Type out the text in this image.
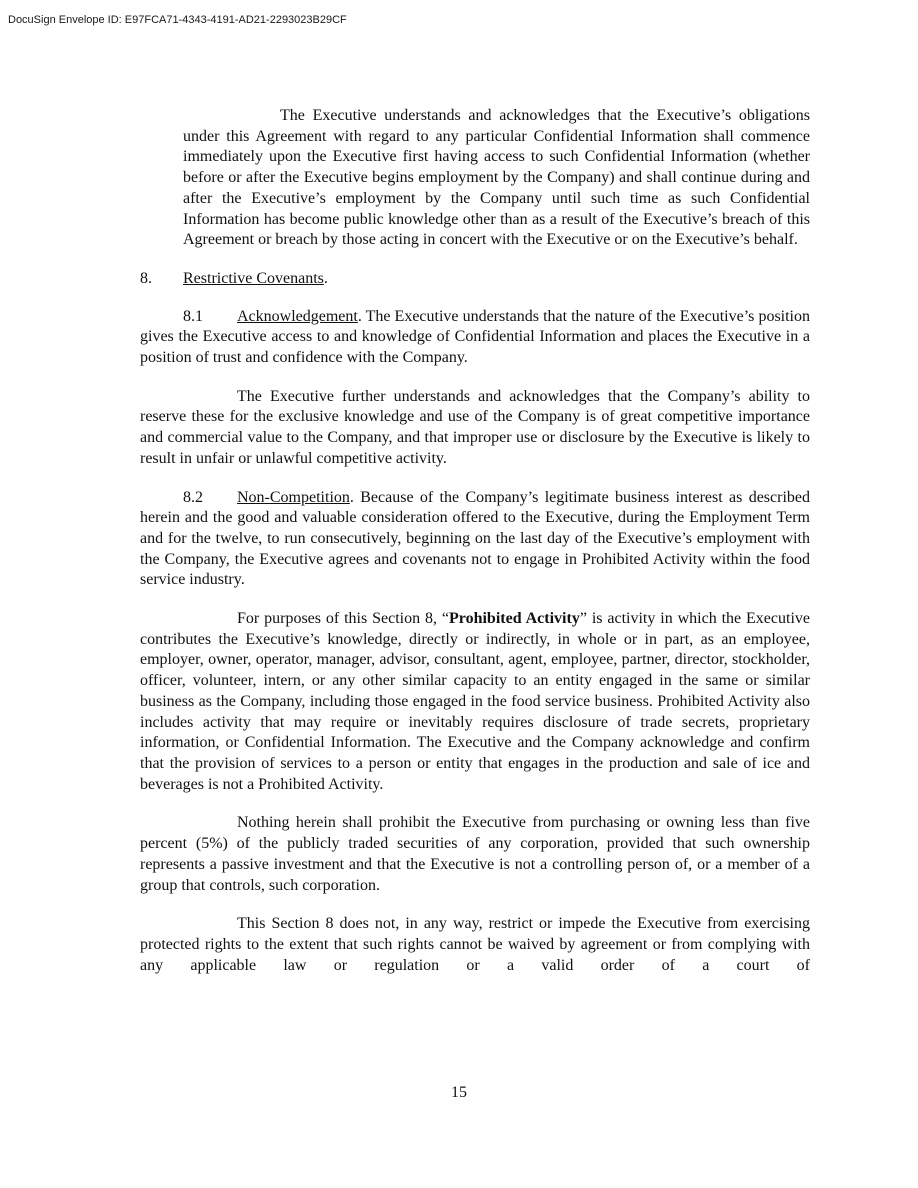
DocuSign Envelope ID: E97FCA71-4343-4191-AD21-2293023B29CF

The Executive understands and acknowledges that the Executive’s obligations under this Agreement with regard to any particular Confidential Information shall commence immediately upon the Executive first having access to such Confidential Information (whether before or after the Executive begins employment by the Company) and shall continue during and after the Executive’s employment by the Company until such time as such Confidential Information has become public knowledge other than as a result of the Executive’s breach of this Agreement or breach by those acting in concert with the Executive or on the Executive’s behalf.

8.	Restrictive Covenants.

8.1 Acknowledgement. The Executive understands that the nature of the Executive’s position gives the Executive access to and knowledge of Confidential Information and places the Executive in a position of trust and confidence with the Company.

The Executive further understands and acknowledges that the Company’s ability to reserve these for the exclusive knowledge and use of the Company is of great competitive importance and commercial value to the Company, and that improper use or disclosure by the Executive is likely to result in unfair or unlawful competitive activity.

8.2 Non-Competition. Because of the Company’s legitimate business interest as described herein and the good and valuable consideration offered to the Executive, during the Employment Term and for the twelve, to run consecutively, beginning on the last day of the Executive’s employment with the Company, the Executive agrees and covenants not to engage in Prohibited Activity within the food service industry.

For purposes of this Section 8, “Prohibited Activity” is activity in which the Executive contributes the Executive’s knowledge, directly or indirectly, in whole or in part, as an employee, employer, owner, operator, manager, advisor, consultant, agent, employee, partner, director, stockholder, officer, volunteer, intern, or any other similar capacity to an entity engaged in the same or similar business as the Company, including those engaged in the food service business. Prohibited Activity also includes activity that may require or inevitably requires disclosure of trade secrets, proprietary information, or Confidential Information. The Executive and the Company acknowledge and confirm that the provision of services to a person or entity that engages in the production and sale of ice and beverages is not a Prohibited Activity.

Nothing herein shall prohibit the Executive from purchasing or owning less than five percent (5%) of the publicly traded securities of any corporation, provided that such ownership represents a passive investment and that the Executive is not a controlling person of, or a member of a group that controls, such corporation.

This Section 8 does not, in any way, restrict or impede the Executive from exercising protected rights to the extent that such rights cannot be waived by agreement or from complying with any applicable law or regulation or a valid order of a court of

15
